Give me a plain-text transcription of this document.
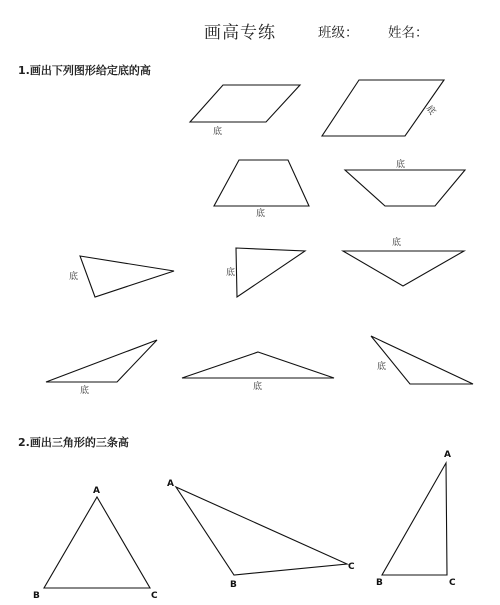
画高专练	班级： 姓名：
1.画出下列图形给定底的高
2.画出三角形的三条高
底
底
底
底
底	底
底
底	底
底
A
B	C
A
B
C
A
B	C
